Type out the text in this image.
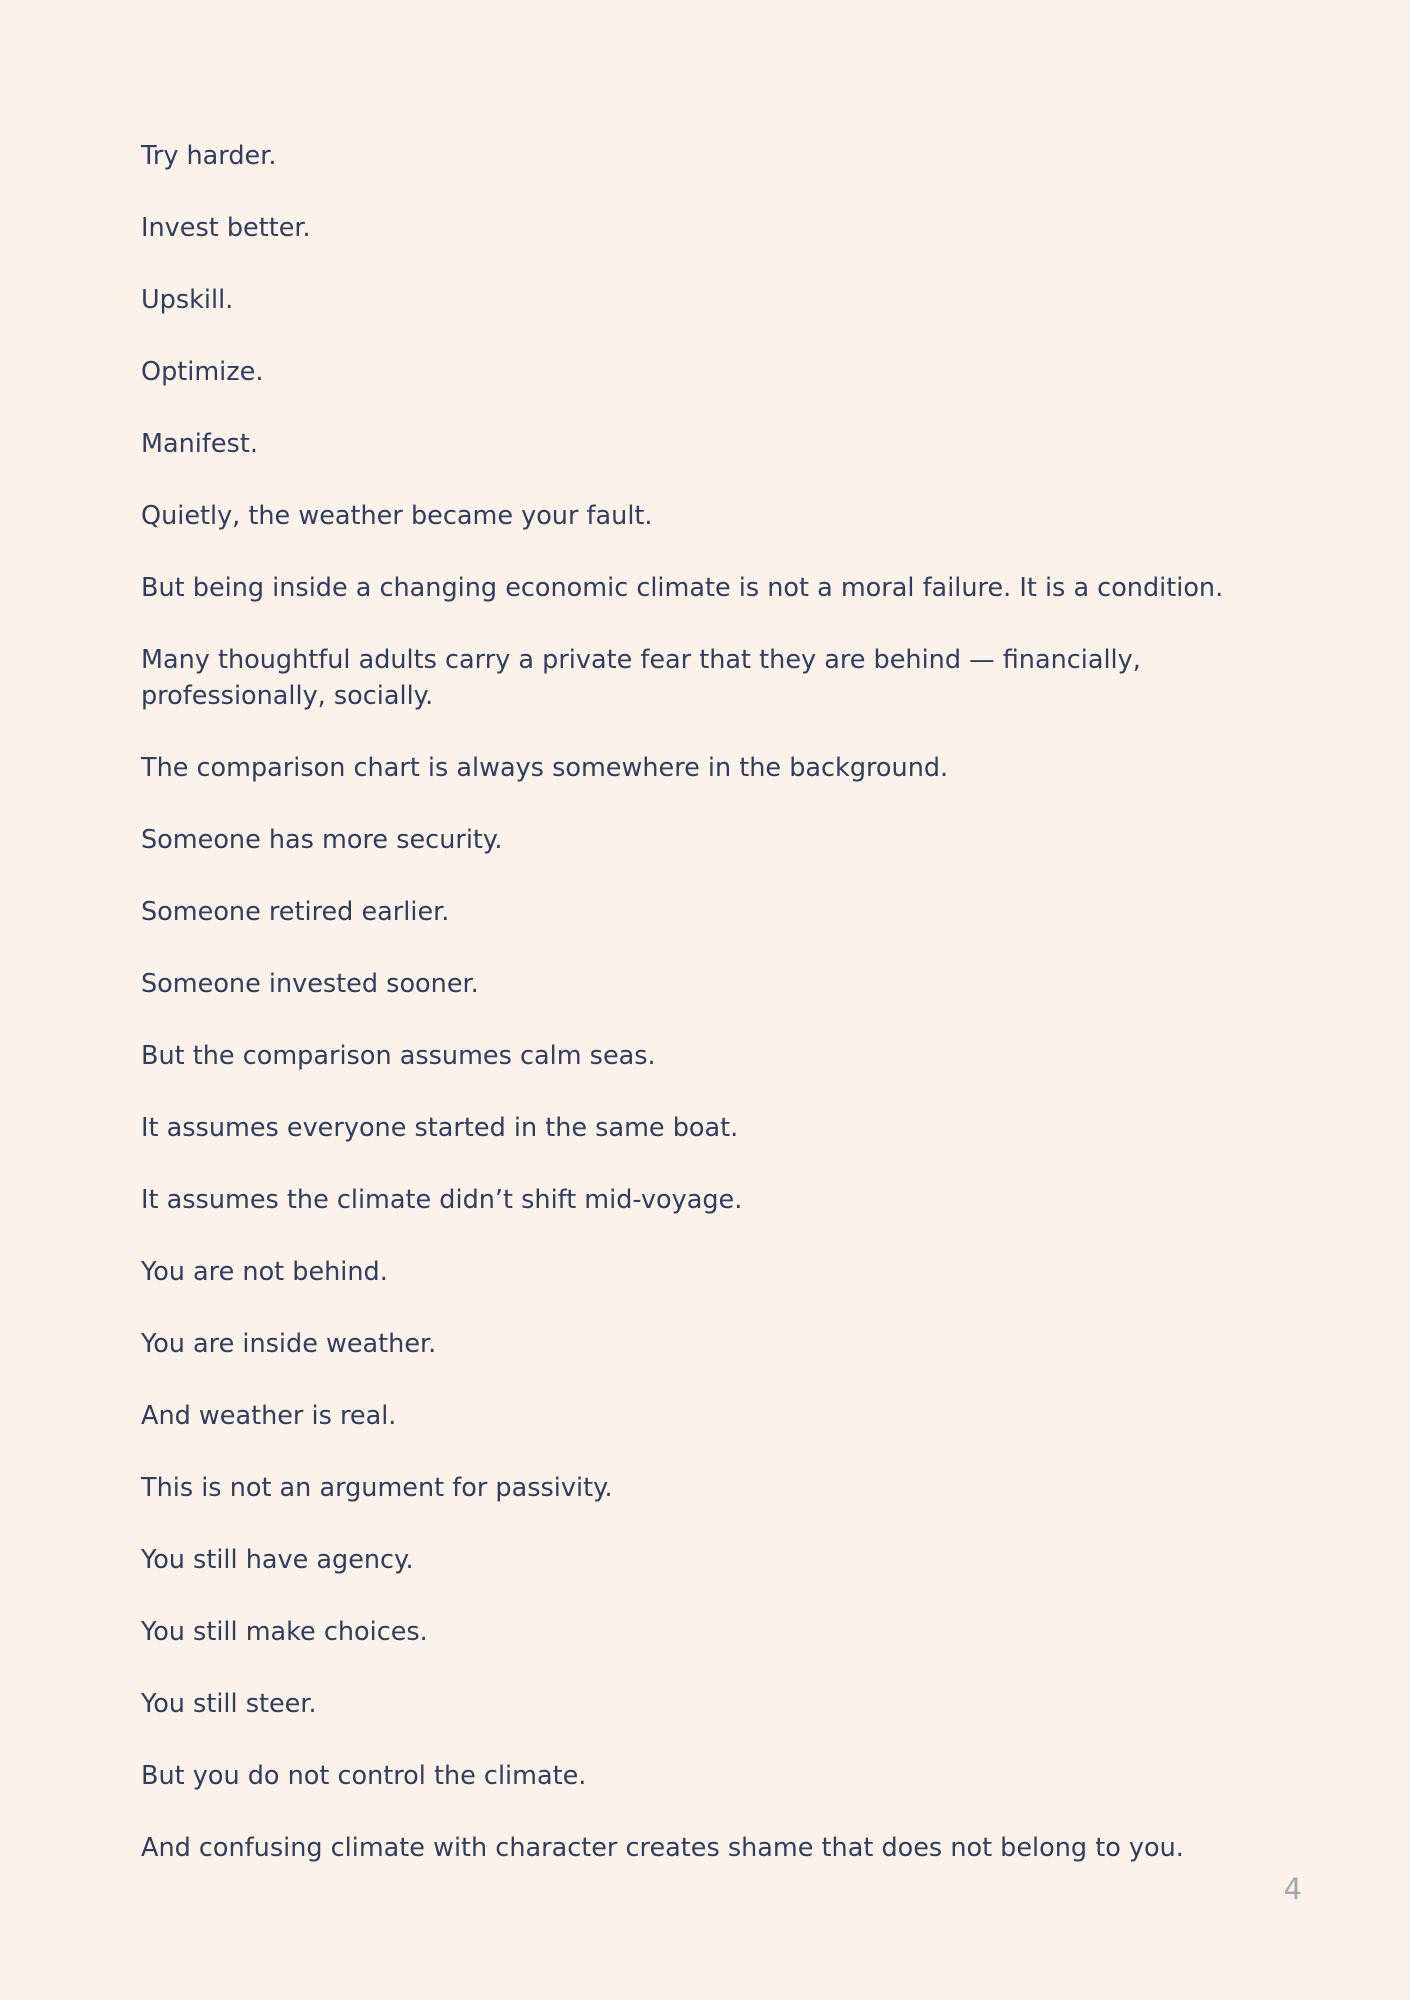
Try harder.

Invest better.

Upskill.

Optimize.

Manifest.

Quietly, the weather became your fault.

But being inside a changing economic climate is not a moral failure. It is a condition.

Many thoughtful adults carry a private fear that they are behind — financially, professionally, socially.

The comparison chart is always somewhere in the background.

Someone has more security.

Someone retired earlier.

Someone invested sooner.

But the comparison assumes calm seas.

It assumes everyone started in the same boat.

It assumes the climate didn’t shift mid-voyage.

You are not behind.

You are inside weather.

And weather is real.

This is not an argument for passivity.

You still have agency.

You still make choices.

You still steer.

But you do not control the climate.

And confusing climate with character creates shame that does not belong to you.

4
